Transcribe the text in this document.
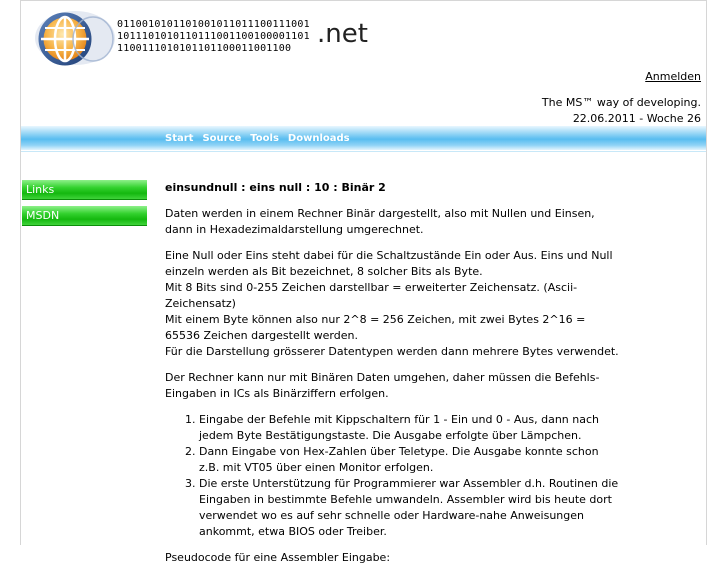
0110010101101001011011100111001
1011101010110111001100100001101
1100111010101101100011001100 .net
Anmelden
The MS™ way of developing.
22.06.2011 - Woche 26
Start Source Tools Downloads
Links
MSDN
einsundnull : eins null : 10 : Binär 2

Daten werden in einem Rechner Binär dargestellt, also mit Nullen und Einsen, dann in Hexadezimaldarstellung umgerechnet.

Eine Null oder Eins steht dabei für die Schaltzustände Ein oder Aus. Eins und Null einzeln werden als Bit bezeichnet, 8 solcher Bits als Byte.
Mit 8 Bits sind 0-255 Zeichen darstellbar = erweiterter Zeichensatz. (Ascii-Zeichensatz)
Mit einem Byte können also nur 2^8 = 256 Zeichen, mit zwei Bytes 2^16 = 65536 Zeichen dargestellt werden.
Für die Darstellung grösserer Datentypen werden dann mehrere Bytes verwendet.

Der Rechner kann nur mit Binären Daten umgehen, daher müssen die Befehls-Eingaben in ICs als Binärziffern erfolgen.

1. Eingabe der Befehle mit Kippschaltern für 1 - Ein und 0 - Aus, dann nach jedem Byte Bestätigungstaste. Die Ausgabe erfolgte über Lämpchen.
2. Dann Eingabe von Hex-Zahlen über Teletype. Die Ausgabe konnte schon z.B. mit VT05 über einen Monitor erfolgen.
3. Die erste Unterstützung für Programmierer war Assembler d.h. Routinen die Eingaben in bestimmte Befehle umwandeln. Assembler wird bis heute dort verwendet wo es auf sehr schnelle oder Hardware-nahe Anweisungen ankommt, etwa BIOS oder Treiber.

Pseudocode für eine Assembler Eingabe:
